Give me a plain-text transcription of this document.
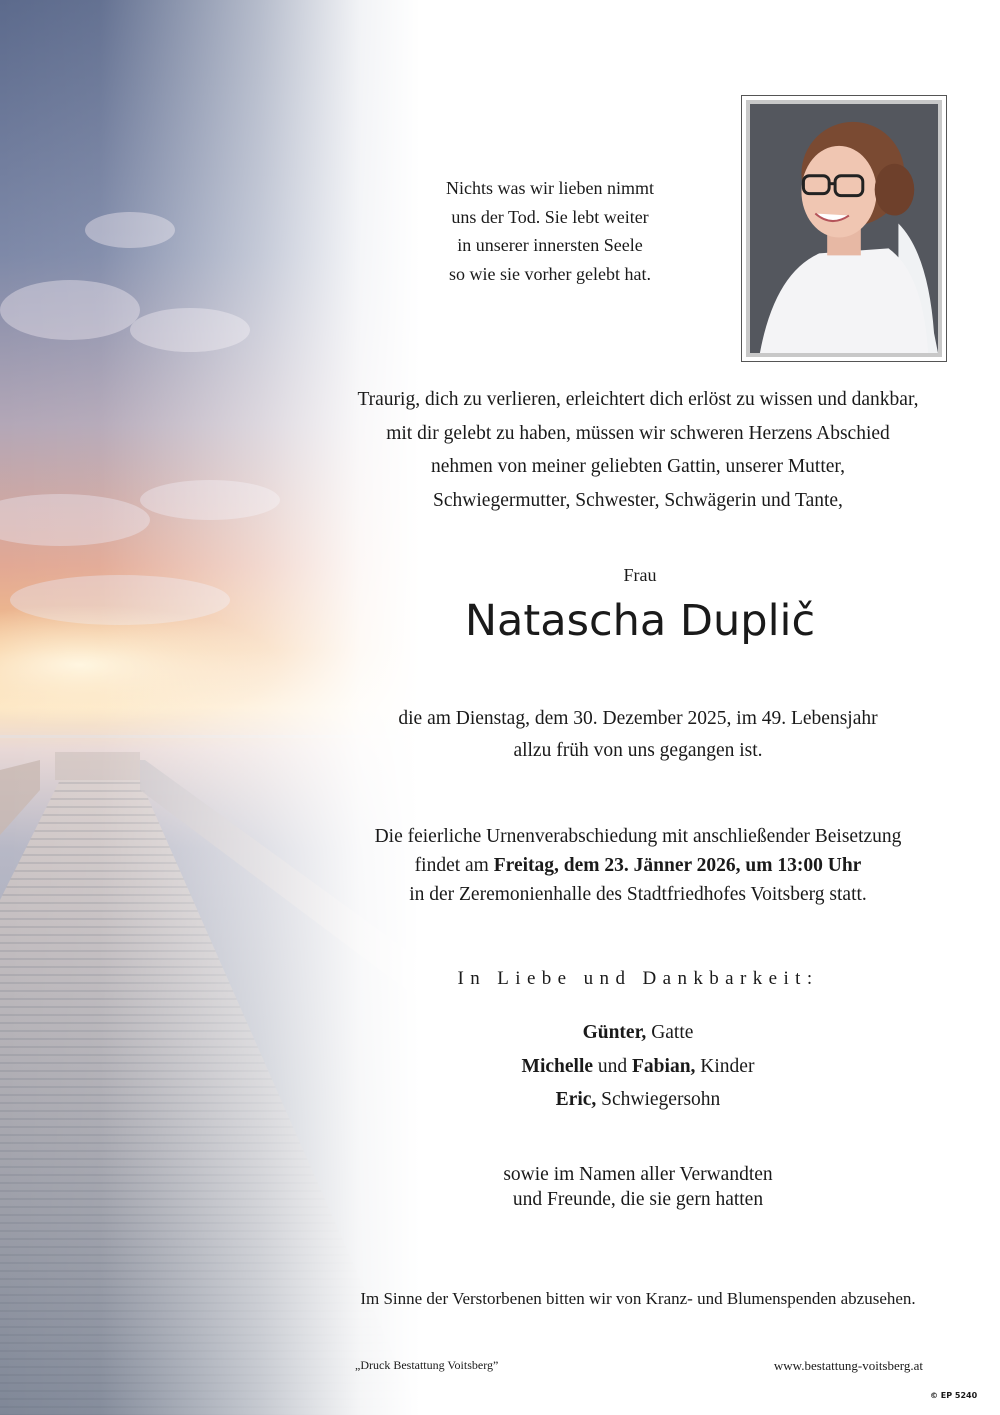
Nichts was wir lieben nimmt
uns der Tod. Sie lebt weiter
in unserer innersten Seele
so wie sie vorher gelebt hat.
Traurig, dich zu verlieren, erleichtert dich erlöst zu wissen und dankbar,
mit dir gelebt zu haben, müssen wir schweren Herzens Abschied
nehmen von meiner geliebten Gattin, unserer Mutter,
Schwiegermutter, Schwester, Schwägerin und Tante,
Frau
Natascha Duplič
die am Dienstag, dem 30. Dezember 2025, im 49. Lebensjahr
allzu früh von uns gegangen ist.
Die feierliche Urnenverabschiedung mit anschließender Beisetzung
findet am Freitag, dem 23. Jänner 2026, um 13:00 Uhr
in der Zeremonienhalle des Stadtfriedhofes Voitsberg statt.
In Liebe und Dankbarkeit:
Günter, Gatte
Michelle und Fabian, Kinder
Eric, Schwiegersohn
sowie im Namen aller Verwandten
und Freunde, die sie gern hatten
Im Sinne der Verstorbenen bitten wir von Kranz- und Blumenspenden abzusehen.
„Druck Bestattung Voitsberg”	www.bestattung-voitsberg.at
© EP 5240
